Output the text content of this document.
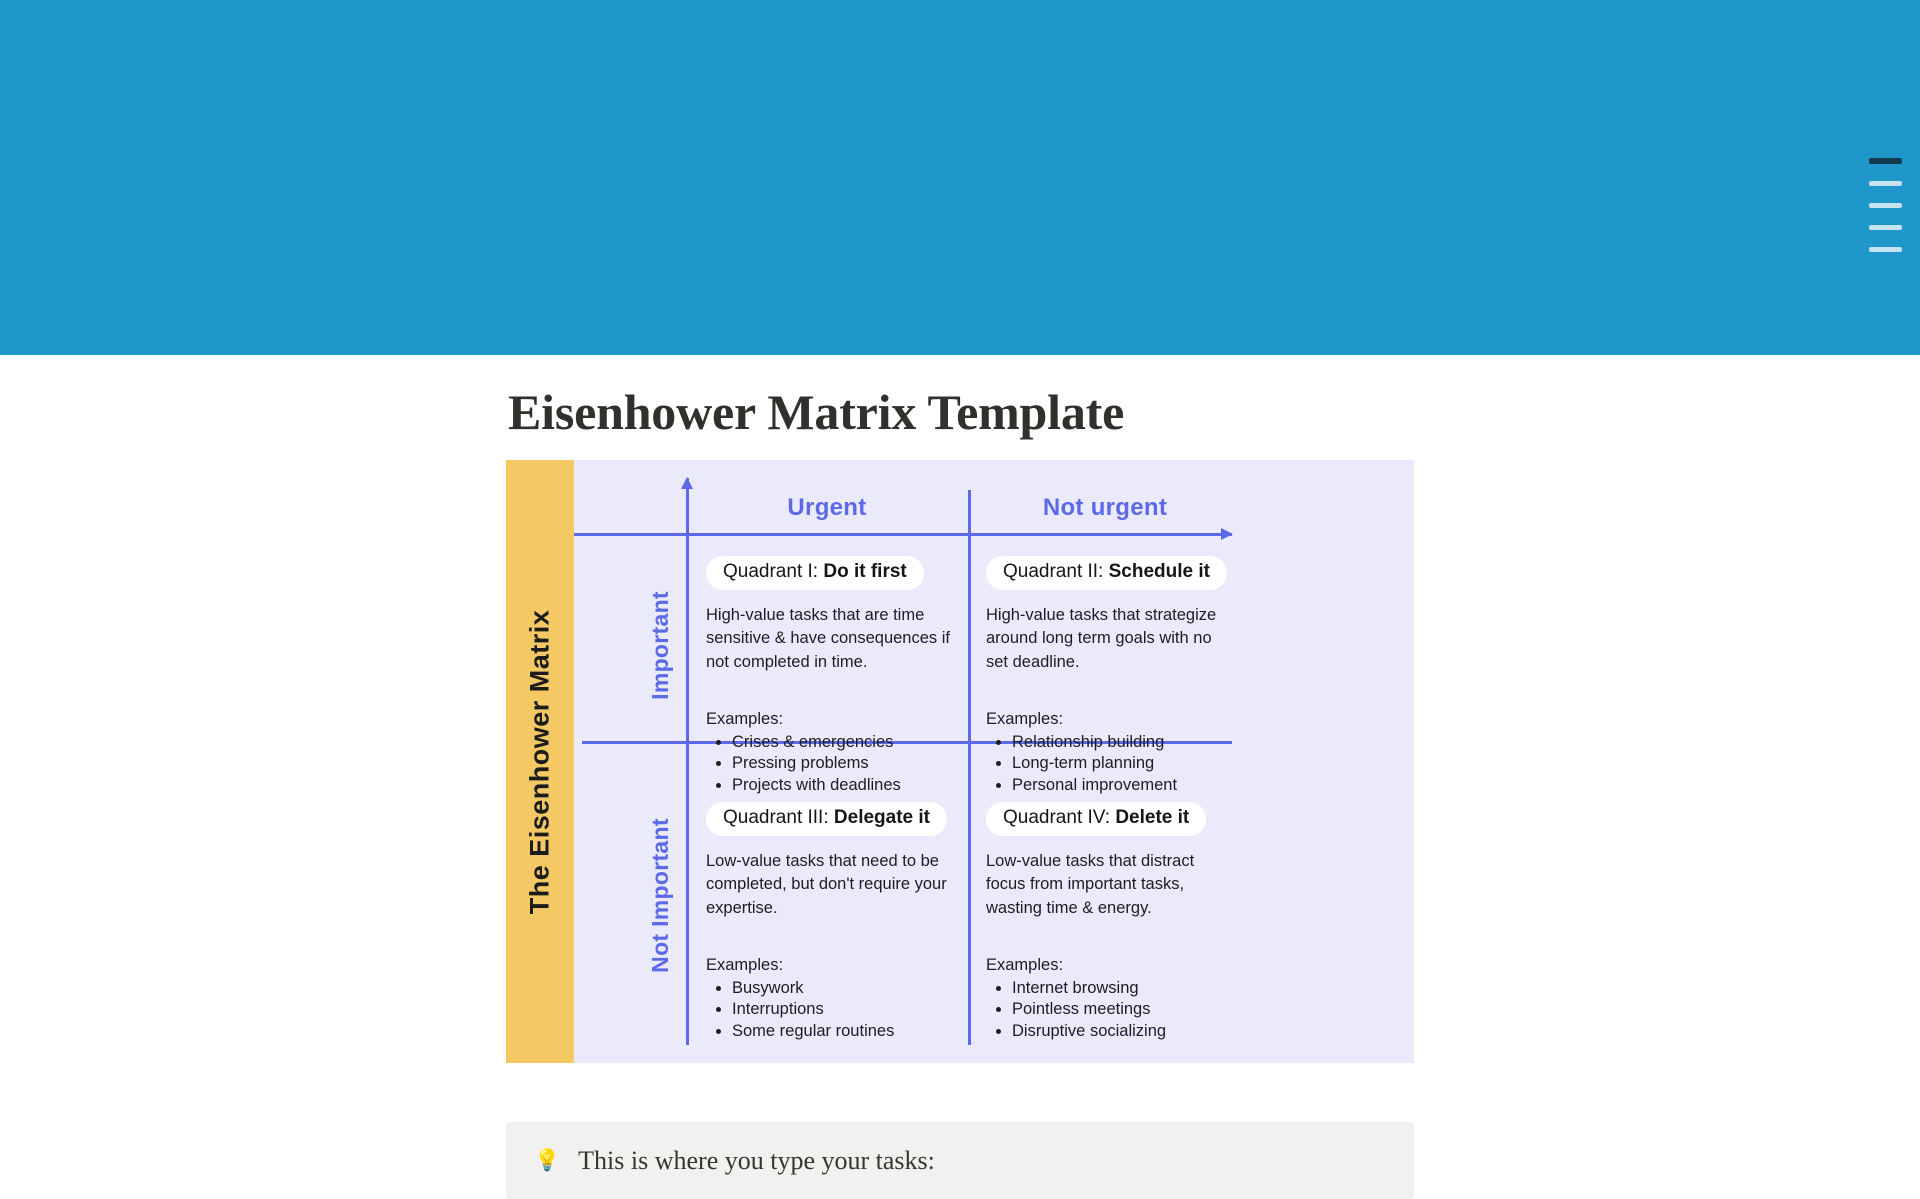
Eisenhower Matrix Template
The Eisenhower Matrix
Urgent	Not urgent
Important
Not Important
Quadrant I: Do it first
High-value tasks that are time sensitive & have consequences if not completed in time.
Examples:
• Crises & emergencies
• Pressing problems
• Projects with deadlines
Quadrant II: Schedule it
High-value tasks that strategize around long term goals with no set deadline.
Examples:
• Relationship building
• Long-term planning
• Personal improvement
Quadrant III: Delegate it
Low-value tasks that need to be completed, but don't require your expertise.
Examples:
• Busywork
• Interruptions
• Some regular routines
Quadrant IV: Delete it
Low-value tasks that distract focus from important tasks, wasting time & energy.
Examples:
• Internet browsing
• Pointless meetings
• Disruptive socializing
💡 This is where you type your tasks:
